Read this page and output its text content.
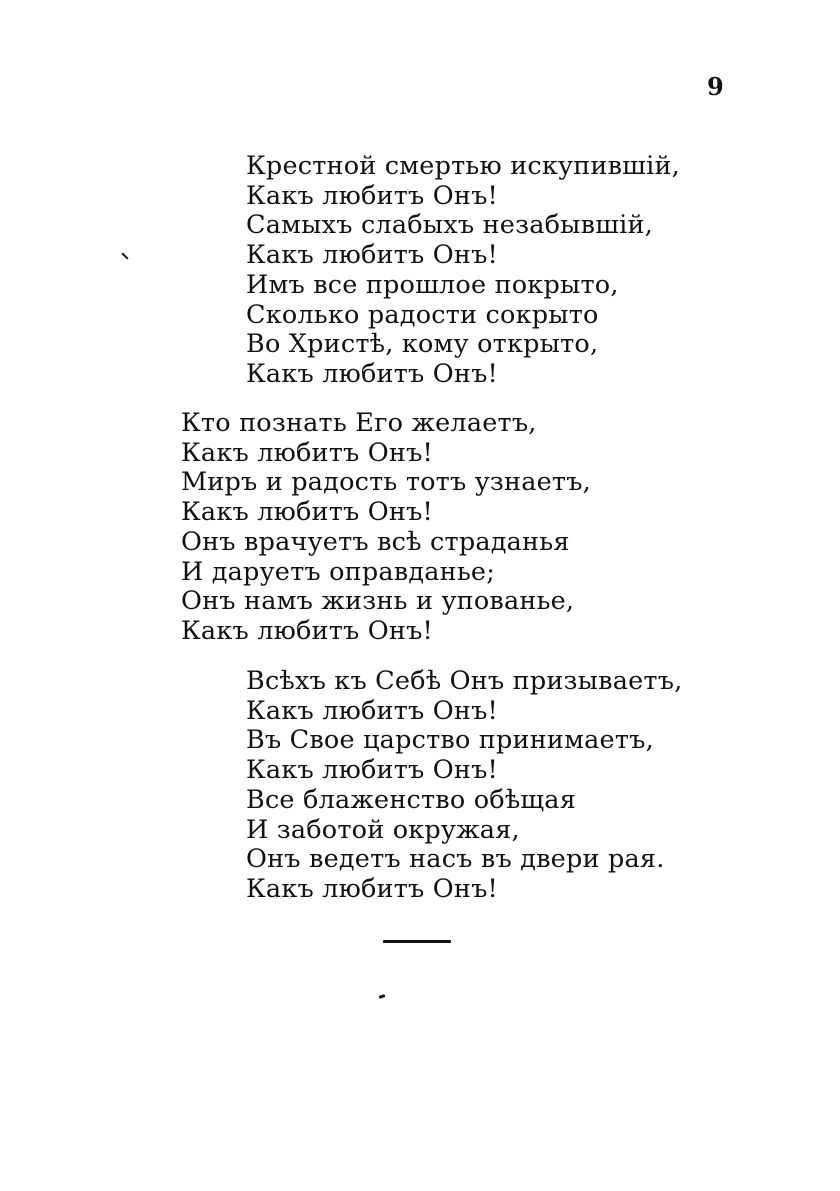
9
Крестной смертью искупившій,
Какъ любитъ Онъ!
Самыхъ слабыхъ незабывшій,
Какъ любитъ Онъ!
Имъ все прошлое покрыто,
Сколько радости сокрыто
Во Христѣ, кому открыто,
Какъ любитъ Онъ!
Кто познать Его желаетъ,
Какъ любитъ Онъ!
Миръ и радость тотъ узнаетъ,
Какъ любитъ Онъ!
Онъ врачуетъ всѣ страданья
И даруетъ оправданье;
Онъ намъ жизнь и упованье,
Какъ любитъ Онъ!
Всѣхъ къ Себѣ Онъ призываетъ,
Какъ любитъ Онъ!
Въ Свое царство принимаетъ,
Какъ любитъ Онъ!
Все блаженство обѣщая
И заботой окружая,
Онъ ведетъ насъ въ двери рая.
Какъ любитъ Онъ!
